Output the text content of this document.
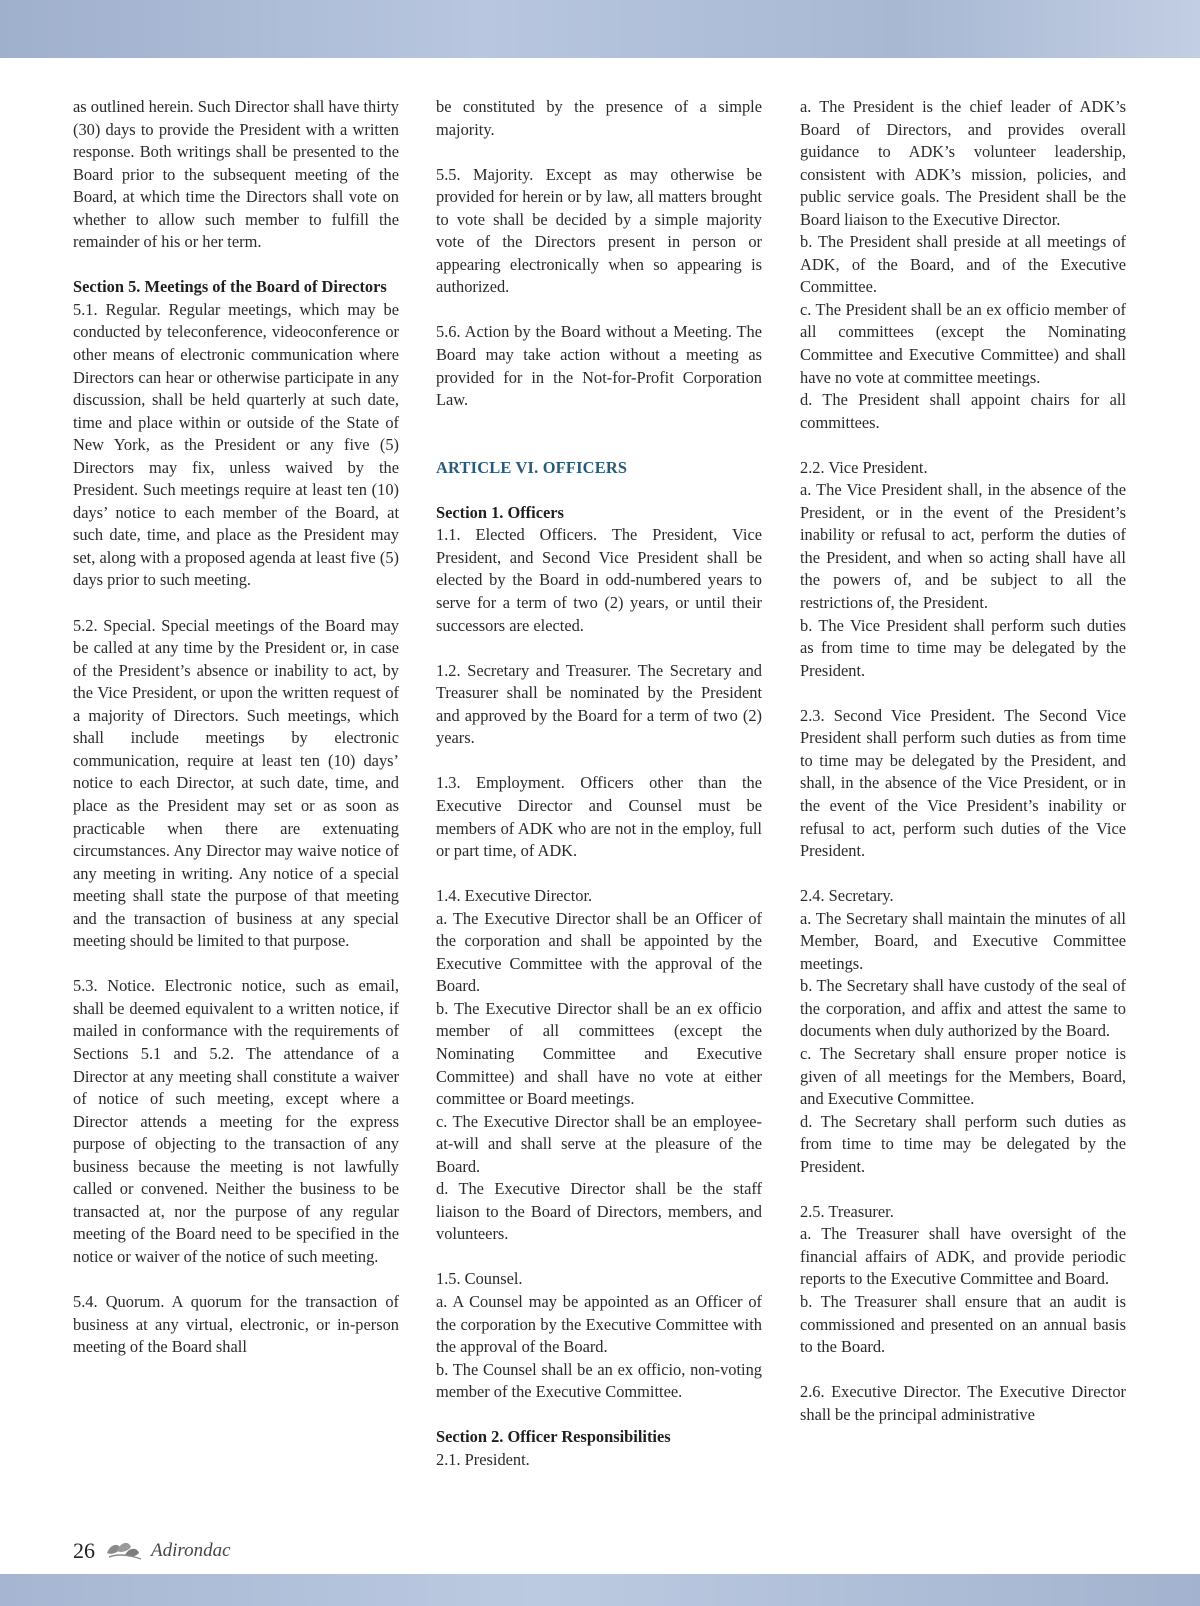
as outlined herein. Such Director shall have thirty (30) days to provide the President with a written response. Both writings shall be presented to the Board prior to the subsequent meeting of the Board, at which time the Directors shall vote on whether to allow such member to fulfill the remainder of his or her term.

Section 5. Meetings of the Board of Directors

5.1. Regular. Regular meetings, which may be conducted by teleconference, videoconference or other means of electronic communication where Directors can hear or otherwise participate in any discussion, shall be held quarterly at such date, time and place within or outside of the State of New York, as the President or any five (5) Directors may fix, unless waived by the President. Such meetings require at least ten (10) days’ notice to each member of the Board, at such date, time, and place as the President may set, along with a proposed agenda at least five (5) days prior to such meeting.

5.2. Special. Special meetings of the Board may be called at any time by the President or, in case of the President’s absence or inability to act, by the Vice President, or upon the written request of a majority of Directors. Such meetings, which shall include meetings by electronic communication, require at least ten (10) days’ notice to each Director, at such date, time, and place as the President may set or as soon as practicable when there are extenuating circumstances. Any Director may waive notice of any meeting in writing. Any notice of a special meeting shall state the purpose of that meeting and the transaction of business at any special meeting should be limited to that purpose.

5.3. Notice. Electronic notice, such as email, shall be deemed equivalent to a written notice, if mailed in conformance with the requirements of Sections 5.1 and 5.2. The attendance of a Director at any meeting shall constitute a waiver of notice of such meeting, except where a Director attends a meeting for the express purpose of objecting to the transaction of any business because the meeting is not lawfully called or convened. Neither the business to be transacted at, nor the purpose of any regular meeting of the Board need to be specified in the notice or waiver of the notice of such meeting.

5.4. Quorum. A quorum for the transaction of business at any virtual, electronic, or in-person meeting of the Board shall

be constituted by the presence of a simple majority.

5.5. Majority. Except as may otherwise be provided for herein or by law, all matters brought to vote shall be decided by a simple majority vote of the Directors present in person or appearing electronically when so appearing is authorized.

5.6. Action by the Board without a Meeting. The Board may take action without a meeting as provided for in the Not-for-Profit Corporation Law.

ARTICLE VI. OFFICERS
Section 1. Officers

1.1. Elected Officers. The President, Vice President, and Second Vice President shall be elected by the Board in odd-numbered years to serve for a term of two (2) years, or until their successors are elected.

1.2. Secretary and Treasurer. The Secretary and Treasurer shall be nominated by the President and approved by the Board for a term of two (2) years.

1.3. Employment. Officers other than the Executive Director and Counsel must be members of ADK who are not in the employ, full or part time, of ADK.

1.4. Executive Director.

a. The Executive Director shall be an Officer of the corporation and shall be appointed by the Executive Committee with the approval of the Board.

b. The Executive Director shall be an ex officio member of all committees (except the Nominating Committee and Executive Committee) and shall have no vote at either committee or Board meetings.

c. The Executive Director shall be an employee-at-will and shall serve at the pleasure of the Board.

d. The Executive Director shall be the staff liaison to the Board of Directors, members, and volunteers.

1.5. Counsel.

a. A Counsel may be appointed as an Officer of the corporation by the Executive Committee with the approval of the Board.

b. The Counsel shall be an ex officio, non-voting member of the Executive Committee.

Section 2. Officer Responsibilities

2.1. President.

a. The President is the chief leader of ADK’s Board of Directors, and provides overall guidance to ADK’s volunteer leadership, consistent with ADK’s mission, policies, and public service goals. The President shall be the Board liaison to the Executive Director.

b. The President shall preside at all meetings of ADK, of the Board, and of the Executive Committee.

c. The President shall be an ex officio member of all committees (except the Nominating Committee and Executive Committee) and shall have no vote at committee meetings.

d. The President shall appoint chairs for all committees.

2.2. Vice President.

a. The Vice President shall, in the absence of the President, or in the event of the President’s inability or refusal to act, perform the duties of the President, and when so acting shall have all the powers of, and be subject to all the restrictions of, the President.

b. The Vice President shall perform such duties as from time to time may be delegated by the President.

2.3. Second Vice President. The Second Vice President shall perform such duties as from time to time may be delegated by the President, and shall, in the absence of the Vice President, or in the event of the Vice President’s inability or refusal to act, perform such duties of the Vice President.

2.4. Secretary.

a. The Secretary shall maintain the minutes of all Member, Board, and Executive Committee meetings.

b. The Secretary shall have custody of the seal of the corporation, and affix and attest the same to documents when duly authorized by the Board.

c. The Secretary shall ensure proper notice is given of all meetings for the Members, Board, and Executive Committee.

d. The Secretary shall perform such duties as from time to time may be delegated by the President.

2.5. Treasurer.

a. The Treasurer shall have oversight of the financial affairs of ADK, and provide periodic reports to the Executive Committee and Board.

b. The Treasurer shall ensure that an audit is commissioned and presented on an annual basis to the Board.

2.6. Executive Director. The Executive Director shall be the principal administrative

26	Adirondac
